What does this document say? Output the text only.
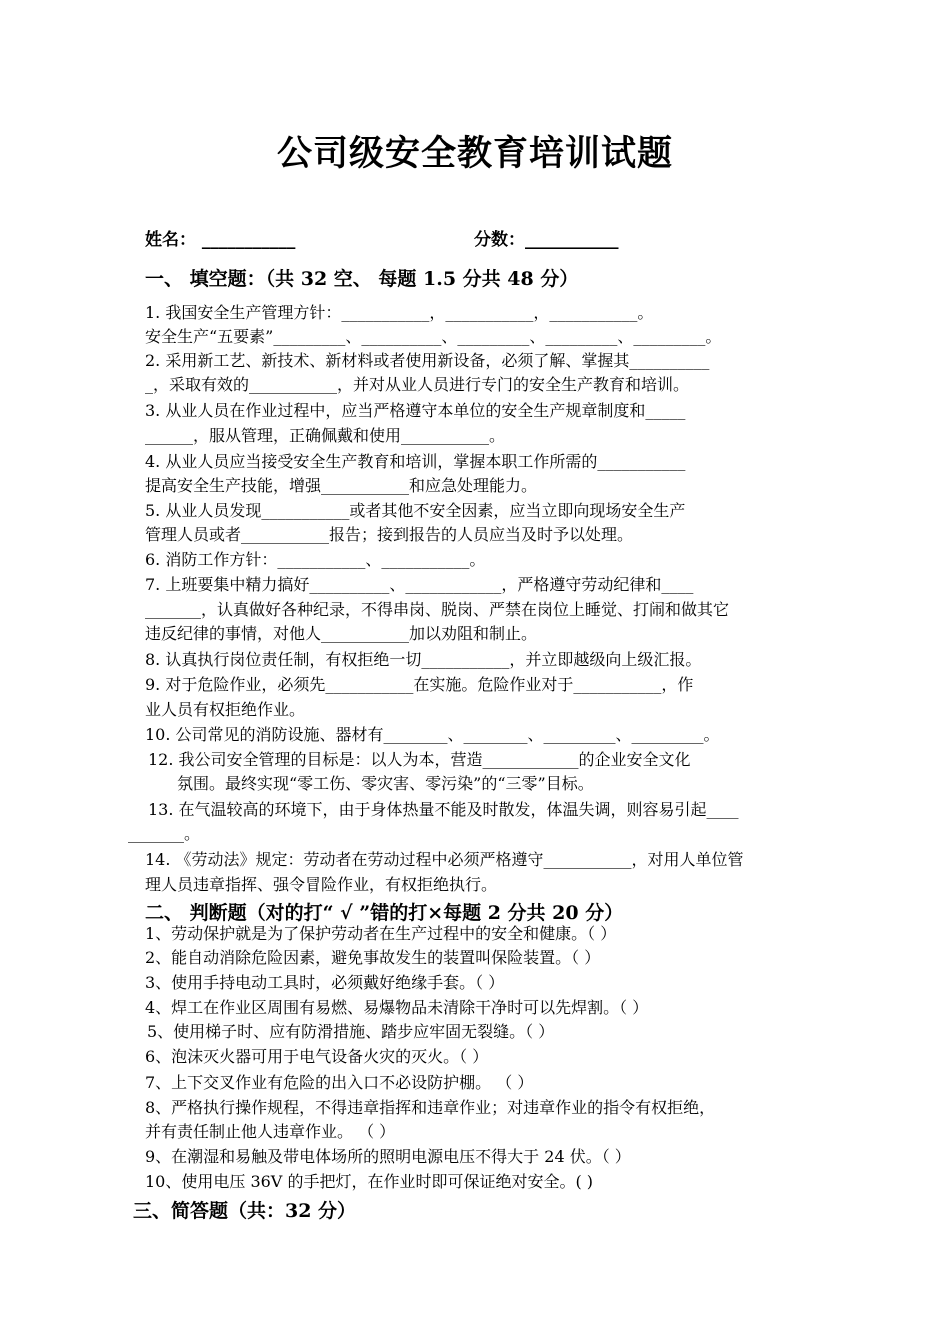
公司级安全教育培训试题
姓名： ___________	分数：___________
一、 填空题：（共 32 空、 每题 1.5 分共 48 分）
1. 我国安全生产管理方针：___________，___________，___________。
安全生产“五要素”_________、__________、_________、_________、_________。
2. 采用新工艺、新技术、新材料或者使用新设备，必须了解、掌握其__________
_，采取有效的___________，并对从业人员进行专门的安全生产教育和培训。
3. 从业人员在作业过程中，应当严格遵守本单位的安全生产规章制度和_____
______，服从管理，正确佩戴和使用___________。
4. 从业人员应当接受安全生产教育和培训，掌握本职工作所需的___________
提高安全生产技能，增强___________和应急处理能力。
5. 从业人员发现___________或者其他不安全因素，应当立即向现场安全生产
管理人员或者___________报告；接到报告的人员应当及时予以处理。
6. 消防工作方针：___________、___________。
7. 上班要集中精力搞好__________、____________，严格遵守劳动纪律和____
_______，认真做好各种纪录，不得串岗、脱岗、严禁在岗位上睡觉、打闹和做其它
违反纪律的事情，对他人___________加以劝阻和制止。
8. 认真执行岗位责任制，有权拒绝一切___________，并立即越级向上级汇报。
9. 对于危险作业，必须先___________在实施。危险作业对于___________，作
业人员有权拒绝作业。
10. 公司常见的消防设施、器材有________、________、_________、_________。
12. 我公司安全管理的目标是：以人为本，营造____________的企业安全文化
氛围。最终实现“零工伤、零灾害、零污染”的“三零”目标。
13. 在气温较高的环境下，由于身体热量不能及时散发，体温失调，则容易引起____
_______。
14. 《劳动法》规定：劳动者在劳动过程中必须严格遵守___________，对用人单位管
理人员违章指挥、强令冒险作业，有权拒绝执行。
二、 判断题（对的打“ √ ”错的打×每题 2 分共 20 分）
1、劳动保护就是为了保护劳动者在生产过程中的安全和健康。（ ）
2、能自动消除危险因素，避免事故发生的装置叫保险装置。（ ）
3、使用手持电动工具时，必须戴好绝缘手套。（ ）
4、焊工在作业区周围有易燃、易爆物品未清除干净时可以先焊割。（ ）
5、使用梯子时、应有防滑措施、踏步应牢固无裂缝。（ ）
6、泡沫灭火器可用于电气设备火灾的灭火。（ ）
7、上下交叉作业有危险的出入口不必设防护棚。 （ ）
8、严格执行操作规程，不得违章指挥和违章作业；对违章作业的指令有权拒绝，
并有责任制止他人违章作业。 （ ）
9、在潮湿和易触及带电体场所的照明电源电压不得大于 24 伏。（ ）
10、使用电压 36V 的手把灯，在作业时即可保证绝对安全。( )
三、简答题（共：32 分）
